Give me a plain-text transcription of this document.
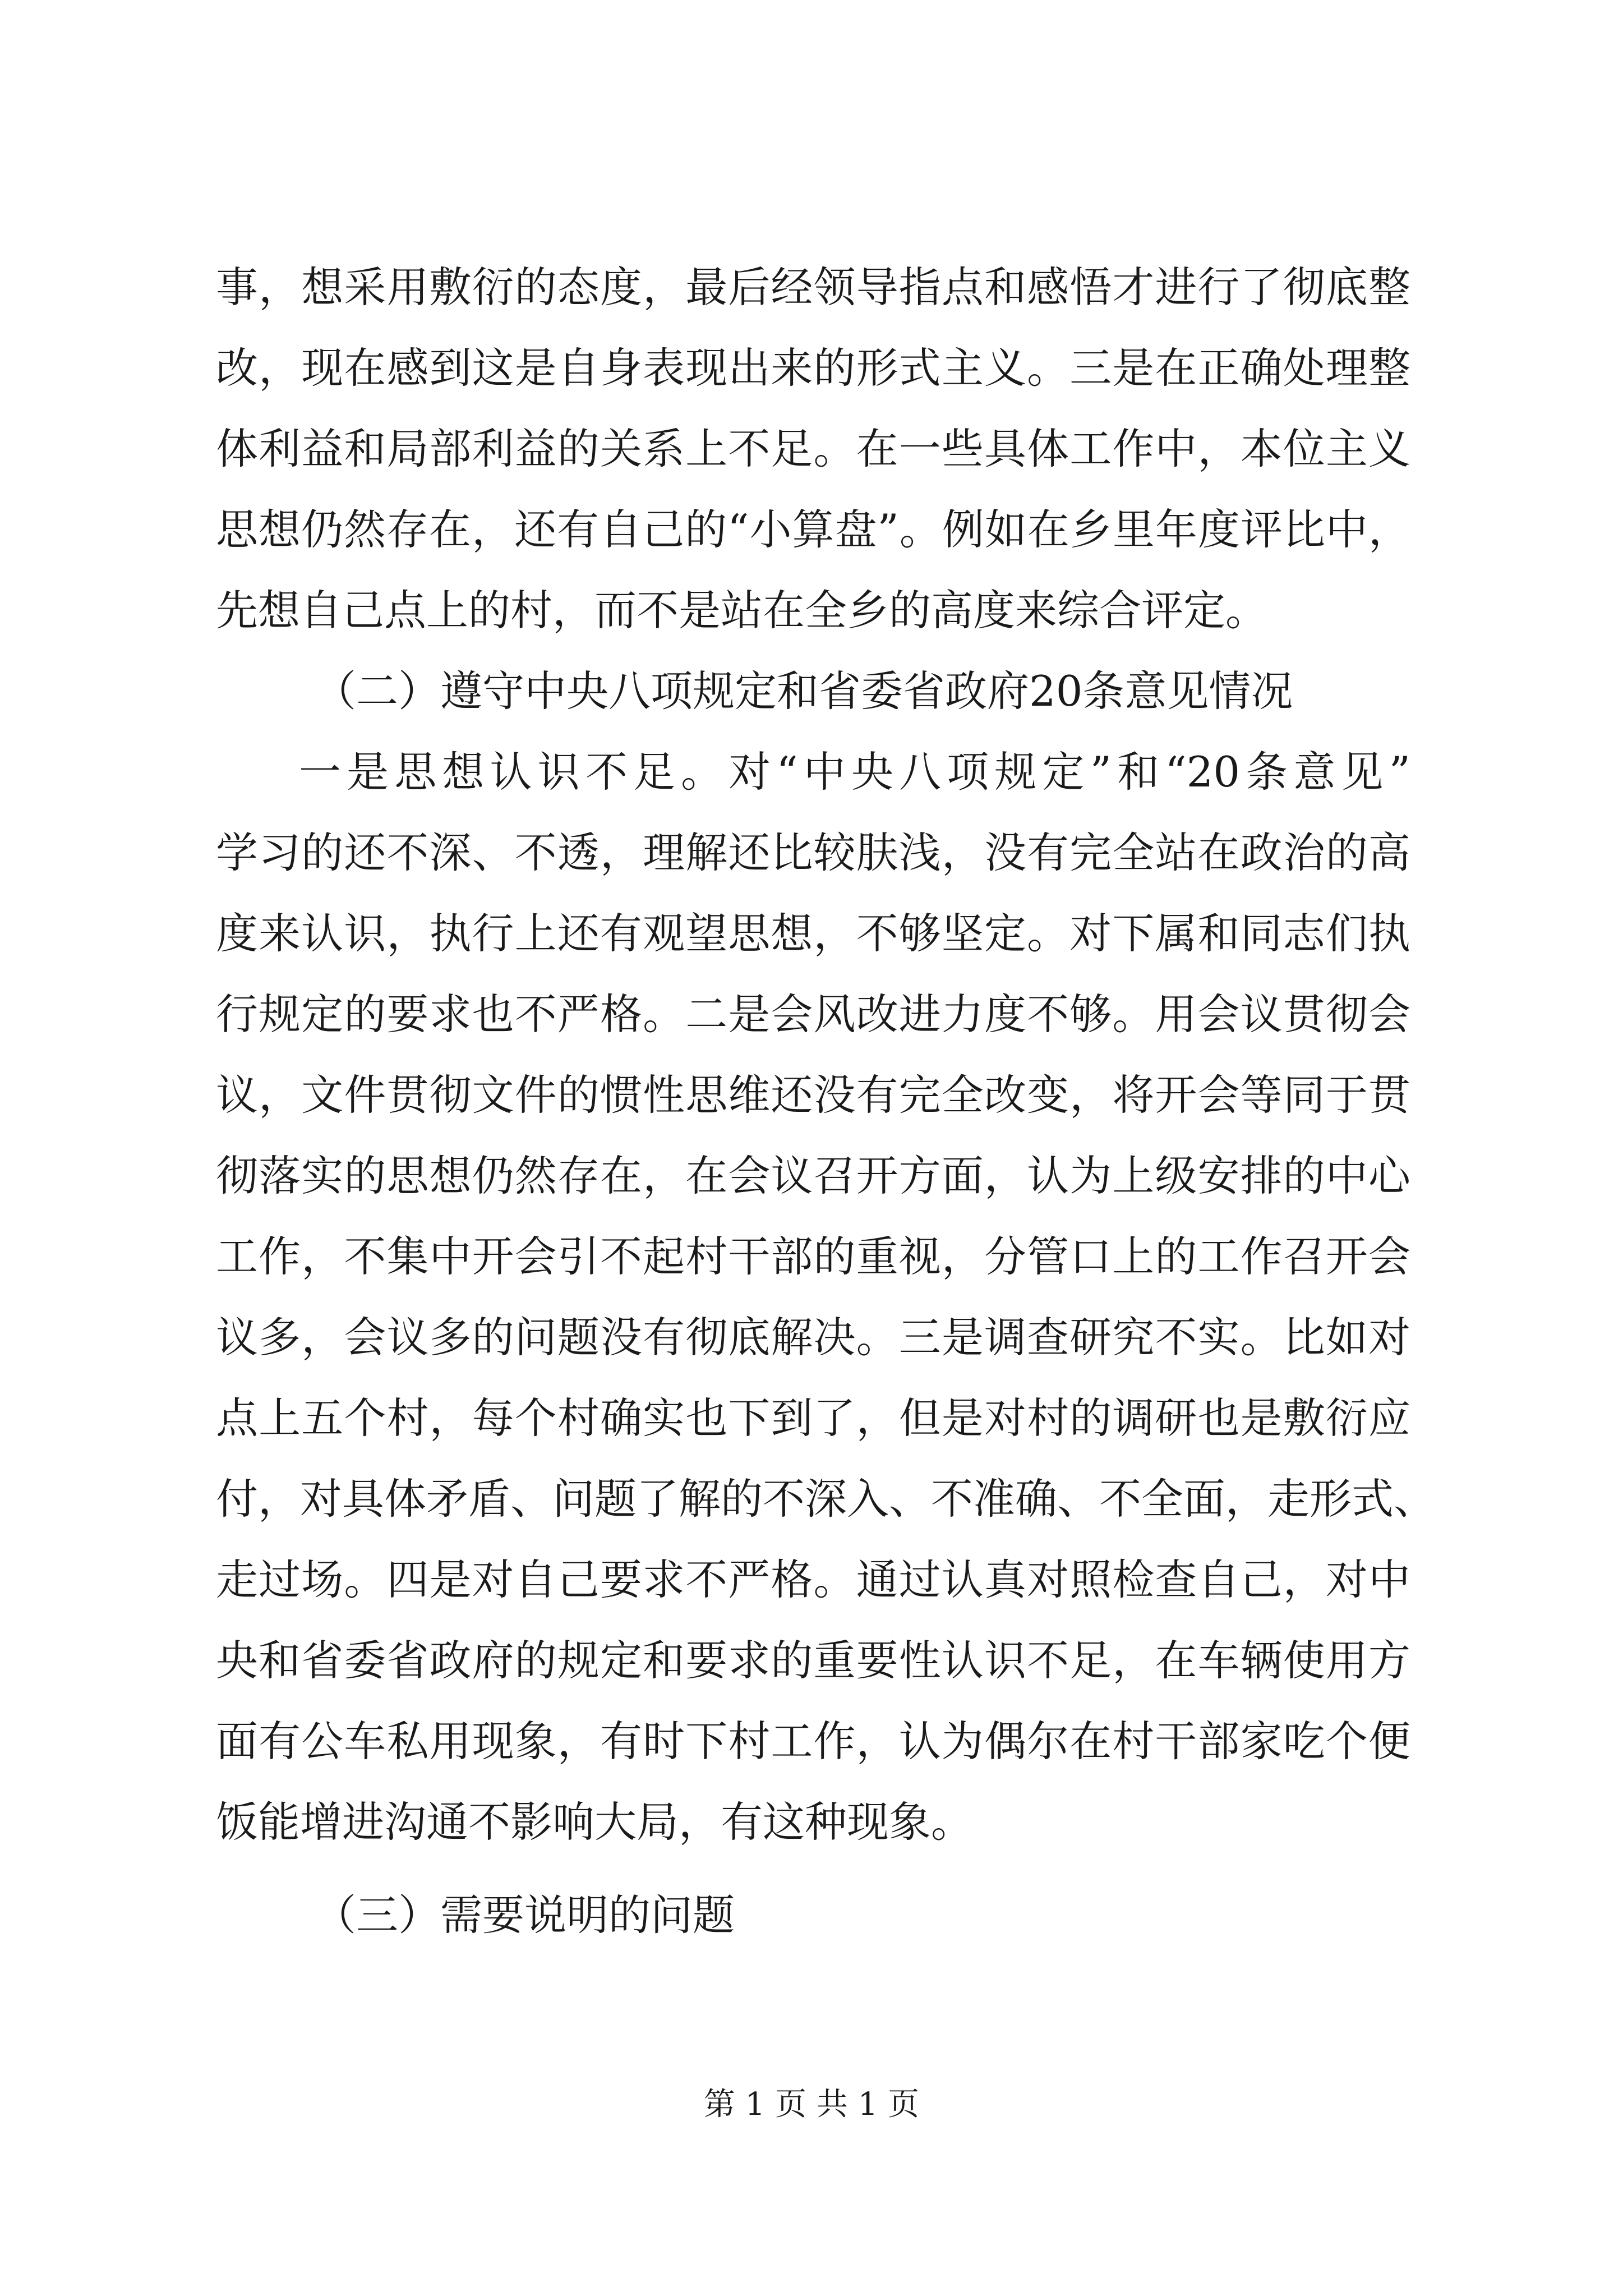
事，想采用敷衍的态度，最后经领导指点和感悟才进行了彻底整
改，现在感到这是自身表现出来的形式主义。三是在正确处理整
体利益和局部利益的关系上不足。在一些具体工作中，本位主义
思想仍然存在，还有自己的“小算盘”。例如在乡里年度评比中，
先想自己点上的村，而不是站在全乡的高度来综合评定。
（二）遵守中央八项规定和省委省政府20条意见情况
一是思想认识不足。对“中央八项规定”和“20条意见”
学习的还不深、不透，理解还比较肤浅，没有完全站在政治的高
度来认识，执行上还有观望思想，不够坚定。对下属和同志们执
行规定的要求也不严格。二是会风改进力度不够。用会议贯彻会
议，文件贯彻文件的惯性思维还没有完全改变，将开会等同于贯
彻落实的思想仍然存在，在会议召开方面，认为上级安排的中心
工作，不集中开会引不起村干部的重视，分管口上的工作召开会
议多，会议多的问题没有彻底解决。三是调查研究不实。比如对
点上五个村，每个村确实也下到了，但是对村的调研也是敷衍应
付，对具体矛盾、问题了解的不深入、不准确、不全面，走形式、
走过场。四是对自己要求不严格。通过认真对照检查自己，对中
央和省委省政府的规定和要求的重要性认识不足，在车辆使用方
面有公车私用现象，有时下村工作，认为偶尔在村干部家吃个便
饭能增进沟通不影响大局，有这种现象。
（三）需要说明的问题
第 1 页 共 1 页
